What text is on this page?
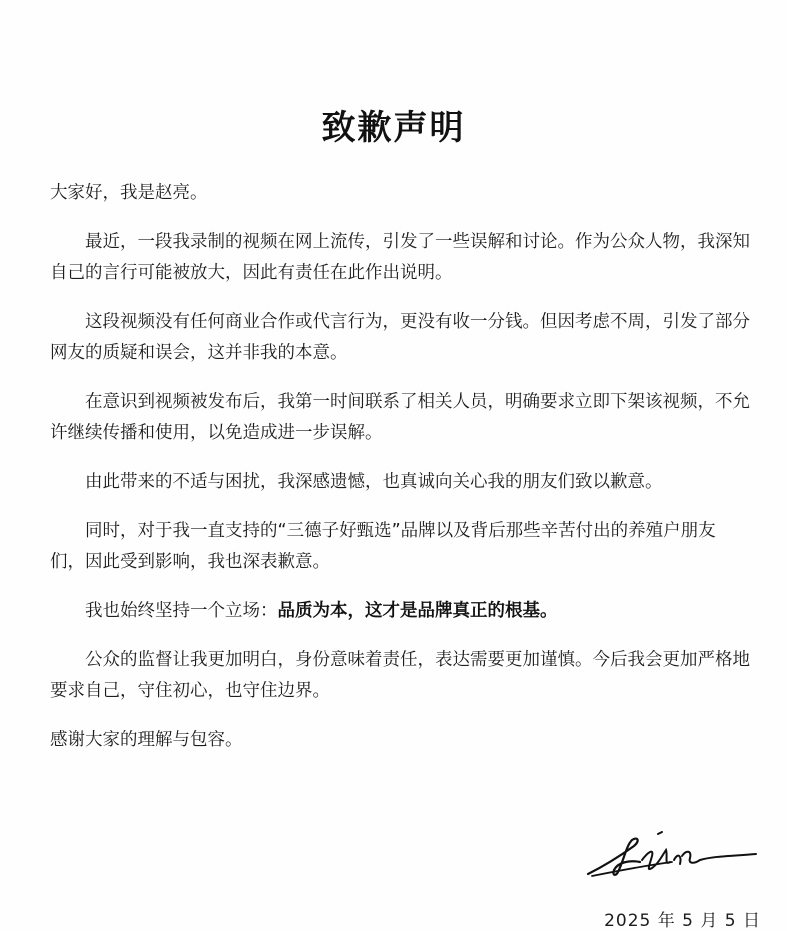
致歉声明

大家好，我是赵亮。

最近，一段我录制的视频在网上流传，引发了一些误解和讨论。作为公众人物，我深知自己的言行可能被放大，因此有责任在此作出说明。

这段视频没有任何商业合作或代言行为，更没有收一分钱。但因考虑不周，引发了部分网友的质疑和误会，这并非我的本意。

在意识到视频被发布后，我第一时间联系了相关人员，明确要求立即下架该视频，不允许继续传播和使用，以免造成进一步误解。

由此带来的不适与困扰，我深感遗憾，也真诚向关心我的朋友们致以歉意。

同时，对于我一直支持的“三德子好甄选”品牌以及背后那些辛苦付出的养殖户朋友们，因此受到影响，我也深表歉意。

我也始终坚持一个立场：品质为本，这才是品牌真正的根基。

公众的监督让我更加明白，身份意味着责任，表达需要更加谨慎。今后我会更加严格地要求自己，守住初心，也守住边界。

感谢大家的理解与包容。

2025 年 5 月 5 日
